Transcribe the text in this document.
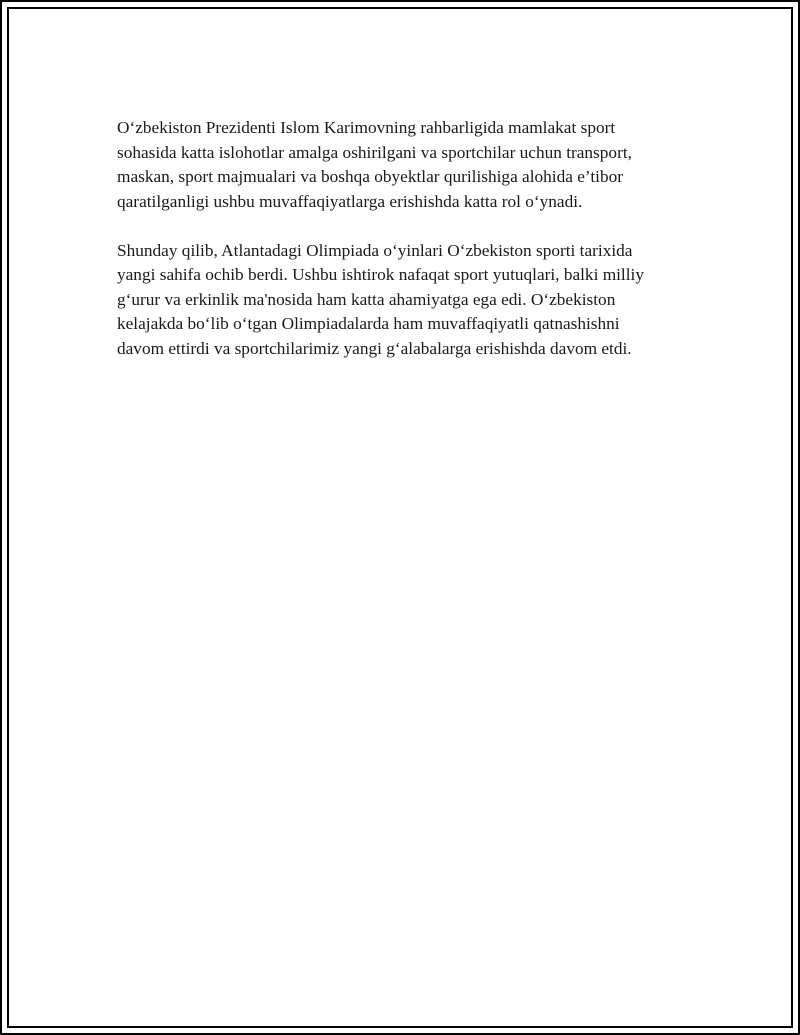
O‘zbekiston Prezidenti Islom Karimovning rahbarligida mamlakat sport
sohasida katta islohotlar amalga oshirilgani va sportchilar uchun transport,
maskan, sport majmualari va boshqa obyektlar qurilishiga alohida e’tibor
qaratilganligi ushbu muvaffaqiyatlarga erishishda katta rol o‘ynadi.

Shunday qilib, Atlantadagi Olimpiada o‘yinlari O‘zbekiston sporti tarixida
yangi sahifa ochib berdi. Ushbu ishtirok nafaqat sport yutuqlari, balki milliy
g‘urur va erkinlik ma'nosida ham katta ahamiyatga ega edi. O‘zbekiston
kelajakda bo‘lib o‘tgan Olimpiadalarda ham muvaffaqiyatli qatnashishni
davom ettirdi va sportchilarimiz yangi g‘alabalarga erishishda davom etdi.
